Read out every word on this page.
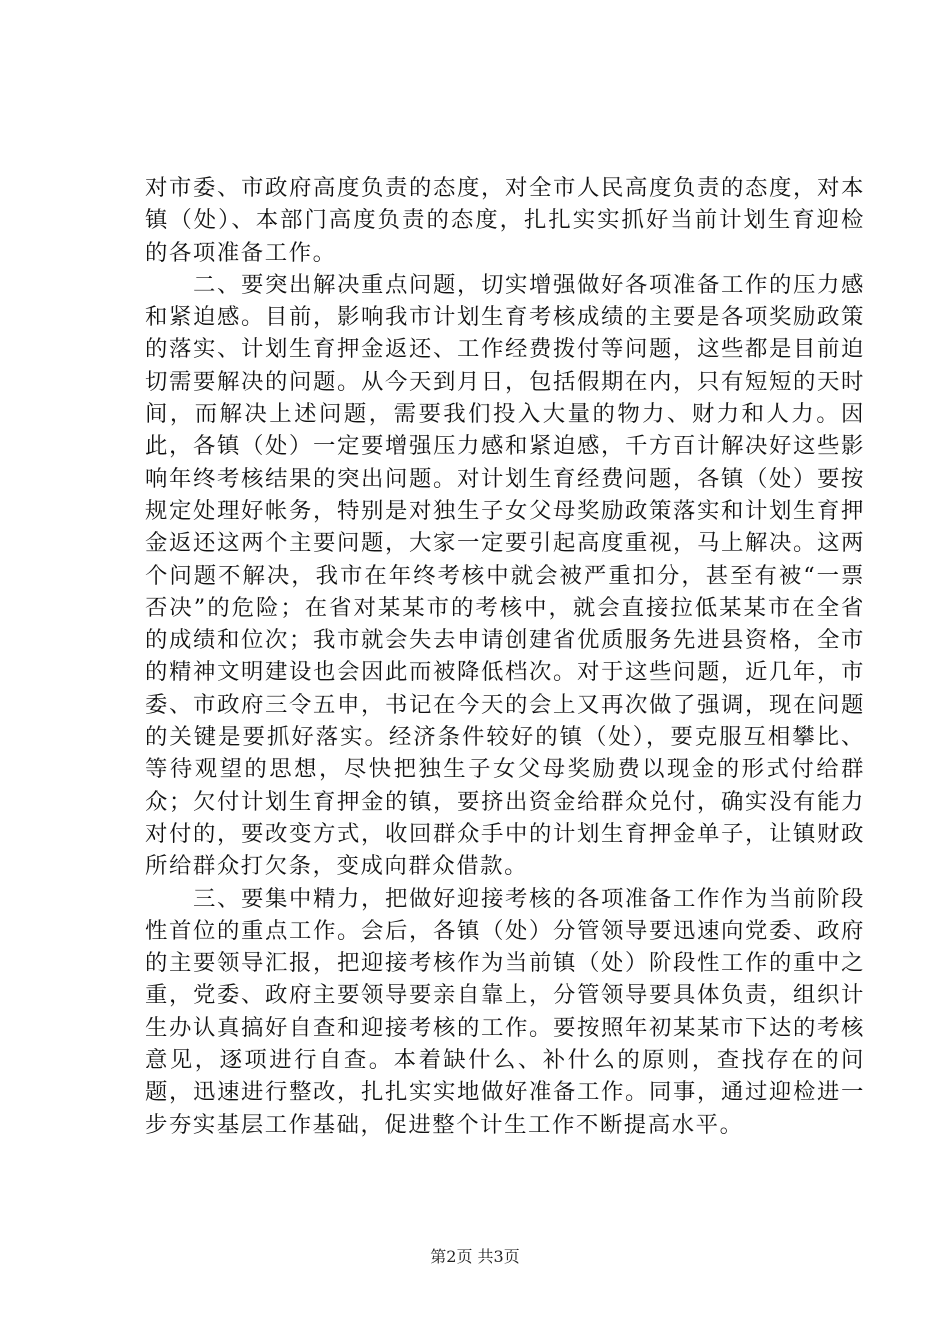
对市委、市政府高度负责的态度，对全市人民高度负责的态度，对本镇（处）、本部门高度负责的态度，扎扎实实抓好当前计划生育迎检的各项准备工作。

二、要突出解决重点问题，切实增强做好各项准备工作的压力感和紧迫感。目前，影响我市计划生育考核成绩的主要是各项奖励政策的落实、计划生育押金返还、工作经费拨付等问题，这些都是目前迫切需要解决的问题。从今天到月日，包括假期在内，只有短短的天时间，而解决上述问题，需要我们投入大量的物力、财力和人力。因此，各镇（处）一定要增强压力感和紧迫感，千方百计解决好这些影响年终考核结果的突出问题。对计划生育经费问题，各镇（处）要按规定处理好帐务，特别是对独生子女父母奖励政策落实和计划生育押金返还这两个主要问题，大家一定要引起高度重视，马上解决。这两个问题不解决，我市在年终考核中就会被严重扣分，甚至有被“一票否决”的危险；在省对某某市的考核中，就会直接拉低某某市在全省的成绩和位次；我市就会失去申请创建省优质服务先进县资格，全市的精神文明建设也会因此而被降低档次。对于这些问题，近几年，市委、市政府三令五申，书记在今天的会上又再次做了强调，现在问题的关键是要抓好落实。经济条件较好的镇（处），要克服互相攀比、等待观望的思想，尽快把独生子女父母奖励费以现金的形式付给群众；欠付计划生育押金的镇，要挤出资金给群众兑付，确实没有能力对付的，要改变方式，收回群众手中的计划生育押金单子，让镇财政所给群众打欠条，变成向群众借款。

三、要集中精力，把做好迎接考核的各项准备工作作为当前阶段性首位的重点工作。会后，各镇（处）分管领导要迅速向党委、政府的主要领导汇报，把迎接考核作为当前镇（处）阶段性工作的重中之重，党委、政府主要领导要亲自靠上，分管领导要具体负责，组织计生办认真搞好自查和迎接考核的工作。要按照年初某某市下达的考核意见，逐项进行自查。本着缺什么、补什么的原则，查找存在的问题，迅速进行整改，扎扎实实地做好准备工作。同事，通过迎检进一步夯实基层工作基础，促进整个计生工作不断提高水平。

第2页 共3页
